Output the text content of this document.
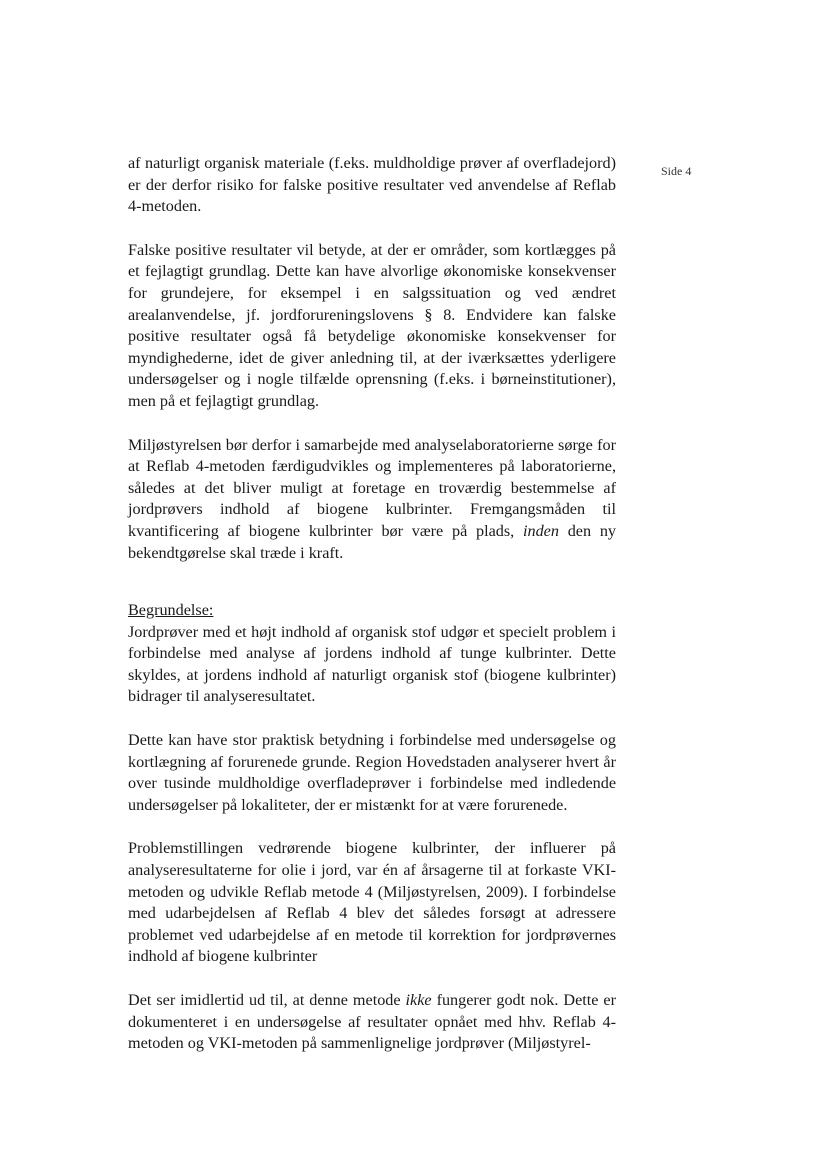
Side 4

af naturligt organisk materiale (f.eks. muldholdige prøver af overfladejord) er der derfor risiko for falske positive resultater ved anvendelse af Reflab 4-metoden.

Falske positive resultater vil betyde, at der er områder, som kortlægges på et fejlagtigt grundlag. Dette kan have alvorlige økonomiske konsekvenser for grundejere, for eksempel i en salgssituation og ved ændret arealanvendelse, jf. jordforureningslovens § 8. Endvidere kan falske positive resultater også få betydelige økonomiske konsekvenser for myndighederne, idet de giver anledning til, at der iværksættes yderligere undersøgelser og i nogle tilfælde oprensning (f.eks. i børneinstitutioner), men på et fejlagtigt grundlag.

Miljøstyrelsen bør derfor i samarbejde med analyselaboratorierne sørge for at Reflab 4-metoden færdigudvikles og implementeres på laboratorierne, således at det bliver muligt at foretage en troværdig bestemmelse af jordprøvers indhold af biogene kulbrinter. Fremgangsmåden til kvantificering af biogene kulbrinter bør være på plads, inden den ny bekendtgørelse skal træde i kraft.

Begrundelse:
Jordprøver med et højt indhold af organisk stof udgør et specielt problem i forbindelse med analyse af jordens indhold af tunge kulbrinter. Dette skyldes, at jordens indhold af naturligt organisk stof (biogene kulbrinter) bidrager til analyseresultatet.

Dette kan have stor praktisk betydning i forbindelse med undersøgelse og kortlægning af forurenede grunde. Region Hovedstaden analyserer hvert år over tusinde muldholdige overfladeprøver i forbindelse med indledende undersøgelser på lokaliteter, der er mistænkt for at være forurenede.

Problemstillingen vedrørende biogene kulbrinter, der influerer på analyseresultaterne for olie i jord, var én af årsagerne til at forkaste VKI-metoden og udvikle Reflab metode 4 (Miljøstyrelsen, 2009). I forbindelse med udarbejdelsen af Reflab 4 blev det således forsøgt at adressere problemet ved udarbejdelse af en metode til korrektion for jordprøvernes indhold af biogene kulbrinter

Det ser imidlertid ud til, at denne metode ikke fungerer godt nok. Dette er dokumenteret i en undersøgelse af resultater opnået med hhv. Reflab 4-metoden og VKI-metoden på sammenlignelige jordprøver (Miljøstyrel-
